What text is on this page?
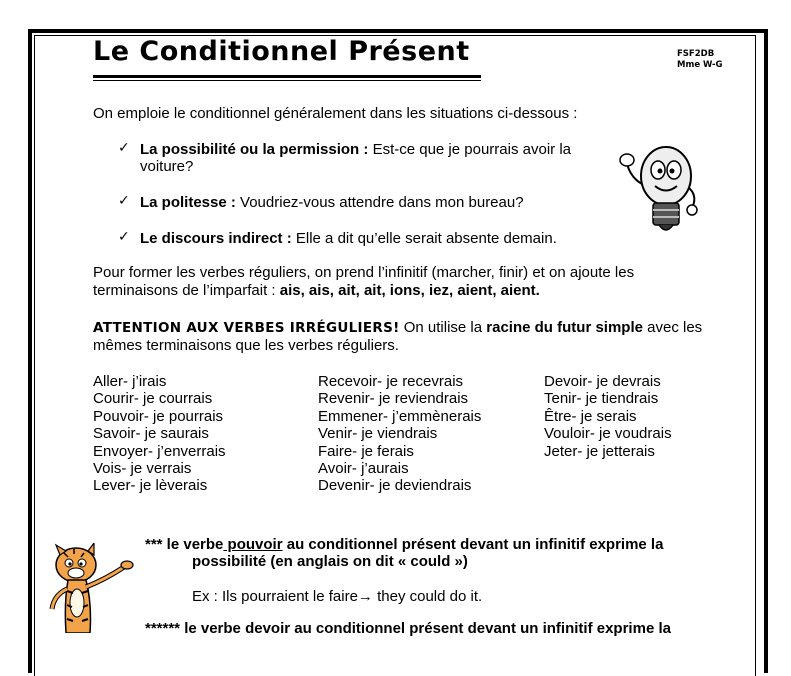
Le Conditionnel Présent	FSF2DB
Mme W-G
On emploie le conditionnel généralement dans les situations ci-dessous :
✓ La possibilité ou la permission : Est-ce que je pourrais avoir la
voiture?
✓ La politesse : Voudriez-vous attendre dans mon bureau?
✓ Le discours indirect : Elle a dit qu’elle serait absente demain.
Pour former les verbes réguliers, on prend l’infinitif (marcher, finir) et on ajoute les
terminaisons de l’imparfait : ais, ais, ait, ait, ions, iez, aient, aient.
ATTENTION AUX VERBES IRRÉGULIERS! On utilise la racine du futur simple avec les
mêmes terminaisons que les verbes réguliers.
Aller- j’irais
Courir- je courrais
Pouvoir- je pourrais
Savoir- je saurais
Envoyer- j’enverrais
Vois- je verrais
Lever- je lèverais
Recevoir- je recevrais
Revenir- je reviendrais
Emmener- j’emmènerais
Venir- je viendrais
Faire- je ferais
Avoir- j’aurais
Devenir- je deviendrais
Devoir- je devrais
Tenir- je tiendrais
Être- je serais
Vouloir- je voudrais
Jeter- je jetterais
*** le verbe pouvoir au conditionnel présent devant un infinitif exprime la
possibilité (en anglais on dit « could »)
Ex : Ils pourraient le faire→ they could do it.
****** le verbe devoir au conditionnel présent devant un infinitif exprime la
